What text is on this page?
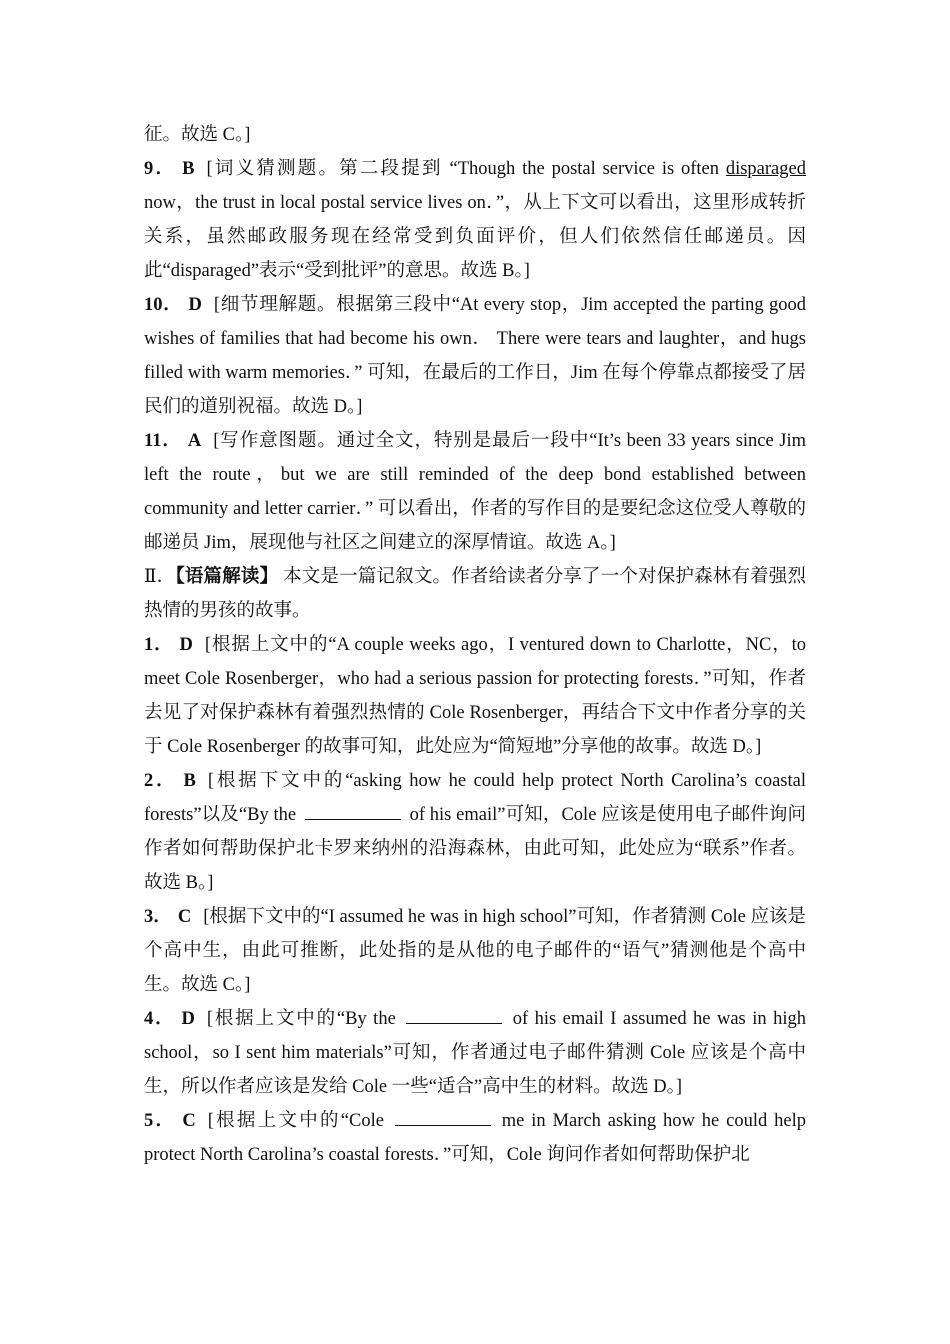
征。故选 C。]

9． B [词义猜测题。第二段提到 “Though the postal service is often disparaged now，the trust in local postal service lives on．”，从上下文可以看出，这里形成转折关系，虽然邮政服务现在经常受到负面评价，但人们依然信任邮递员。因此“disparaged”表示“受到批评”的意思。故选 B。]

10． D [细节理解题。根据第三段中“At every stop，Jim accepted the parting good wishes of families that had become his own． There were tears and laughter，and hugs filled with warm memories．” 可知，在最后的工作日，Jim 在每个停靠点都接受了居民们的道别祝福。故选 D。]

11． A [写作意图题。通过全文，特别是最后一段中“It’s been 33 years since Jim left the route，but we are still reminded of the deep bond established between community and letter carrier．” 可以看出，作者的写作目的是要纪念这位受人尊敬的邮递员 Jim，展现他与社区之间建立的深厚情谊。故选 A。]

Ⅱ．【语篇解读】 本文是一篇记叙文。作者给读者分享了一个对保护森林有着强烈热情的男孩的故事。

1． D [根据上文中的“A couple weeks ago，I ventured down to Charlotte，NC，to meet Cole Rosenberger，who had a serious passion for protecting forests．”可知，作者去见了对保护森林有着强烈热情的 Cole Rosenberger，再结合下文中作者分享的关于 Cole Rosenberger 的故事可知，此处应为“简短地”分享他的故事。故选 D。]

2． B [根据下文中的“asking how he could help protect North Carolina’s coastal forests”以及“By the	of his email”可知，Cole 应该是使用电子邮件询问作者如何帮助保护北卡罗来纳州的沿海森林，由此可知，此处应为“联系”作者。故选 B。]

3． C [根据下文中的“I assumed he was in high school”可知，作者猜测 Cole 应该是个高中生，由此可推断，此处指的是从他的电子邮件的“语气”猜测他是个高中生。故选 C。]

4． D [根据上文中的“By the	of his email I assumed he was in high school，so I sent him materials”可知，作者通过电子邮件猜测 Cole 应该是个高中生，所以作者应该是发给 Cole 一些“适合”高中生的材料。故选 D。]

5． C [根据上文中的“Cole	me in March asking how he could help protect North Carolina’s coastal forests．”可知，Cole 询问作者如何帮助保护北
